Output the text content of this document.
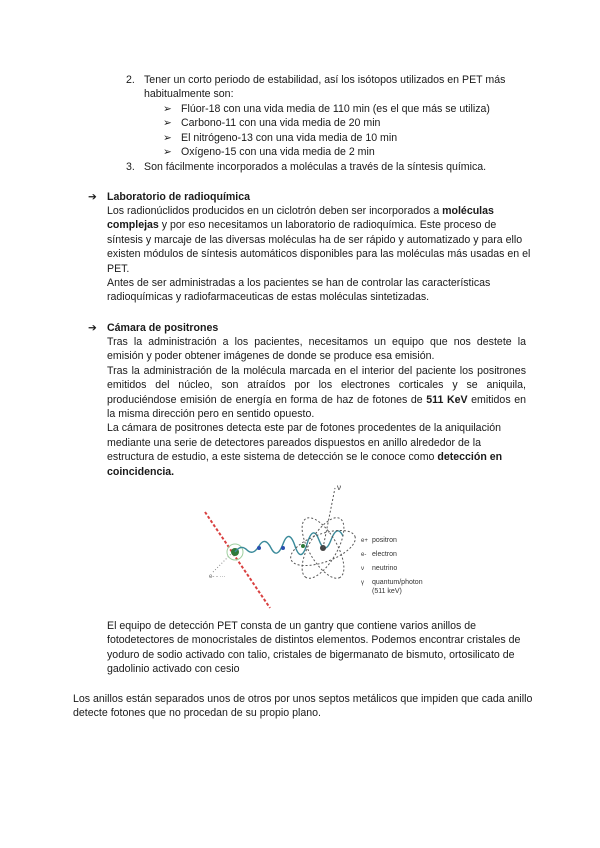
2. Tener un corto periodo de estabilidad, así los isótopos utilizados en PET más
habitualmente son:
➢ Flúor-18 con una vida media de 110 min (es el que más se utiliza)
➢ Carbono-11 con una vida media de 20 min
➢ El nitrógeno-13 con una vida media de 10 min
➢ Oxígeno-15 con una vida media de 2 min
3. Son fácilmente incorporados a moléculas a través de la síntesis química.
➔ Laboratorio de radioquímica

Los radionúclidos producidos en un ciclotrón deben ser incorporados a moléculas complejas y por eso necesitamos un laboratorio de radioquímica. Este proceso de síntesis y marcaje de las diversas moléculas ha de ser rápido y automatizado y para ello existen módulos de síntesis automáticos disponibles para las moléculas más usadas en el PET.

Antes de ser administradas a los pacientes se han de controlar las características radioquímicas y radiofarmaceuticas de estas moléculas sintetizadas.

➔ Cámara de positrones

Tras la administración a los pacientes, necesitamos un equipo que nos destete la emisión y poder obtener imágenes de donde se produce esa emisión.

Tras la administración de la molécula marcada en el interior del paciente los positrones emitidos del núcleo, son atraídos por los electrones corticales y se aniquila, produciéndose emisión de energía en forma de haz de fotones de 511 KeV emitidos en la misma dirección pero en sentido opuesto.

La cámara de positrones detecta este par de fotones procedentes de la aniquilación mediante una serie de detectores pareados dispuestos en anillo alrededor de la estructura de estudio, a este sistema de detección se le conoce como detección en coincidencia.

ν
e- - ···
e+ positron
e- electron
ν neutrino
γ quantum/photon
(511 keV)
El equipo de detección PET consta de un gantry que contiene varios anillos de fotodetectores de monocristales de distintos elementos. Podemos encontrar cristales de yoduro de sodio activado con talio, cristales de bigermanato de bismuto, ortosilicato de gadolinio activado con cesio
Los anillos están separados unos de otros por unos septos metálicos que impiden que cada anillo detecte fotones que no procedan de su propio plano.
